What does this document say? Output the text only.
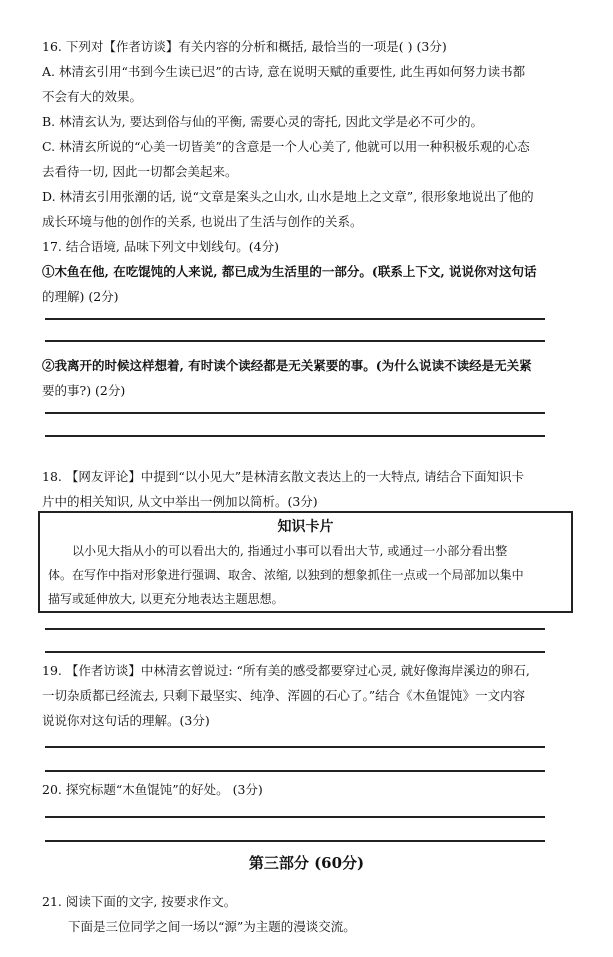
16. 下列对【作者访谈】有关内容的分析和概括, 最恰当的一项是( ) (3分)
A. 林清玄引用“书到今生读已迟”的古诗, 意在说明天赋的重要性, 此生再如何努力读书都
不会有大的效果。
B. 林清玄认为, 要达到俗与仙的平衡, 需要心灵的寄托, 因此文学是必不可少的。
C. 林清玄所说的“心美一切皆美”的含意是一个人心美了, 他就可以用一种积极乐观的心态
去看待一切, 因此一切都会美起来。
D. 林清玄引用张潮的话, 说“文章是案头之山水, 山水是地上之文章”, 很形象地说出了他的
成长环境与他的创作的关系, 也说出了生活与创作的关系。
17. 结合语境, 品味下列文中划线句。(4分)
①木鱼在他, 在吃馄饨的人来说, 都已成为生活里的一部分。(联系上下文, 说说你对这句话
的理解) (2分)
②我离开的时候这样想着, 有时读个读经都是无关紧要的事。(为什么说读不读经是无关紧
要的事?) (2分)
18. 【网友评论】中提到“以小见大”是林清玄散文表达上的一大特点, 请结合下面知识卡
片中的相关知识, 从文中举出一例加以简析。(3分)
知识卡片
以小见大指从小的可以看出大的, 指通过小事可以看出大节, 或通过一小部分看出整
体。在写作中指对形象进行强调、取舍、浓缩, 以独到的想象抓住一点或一个局部加以集中
描写或延伸放大, 以更充分地表达主题思想。
19. 【作者访谈】中林清玄曾说过: “所有美的感受都要穿过心灵, 就好像海岸溪边的卵石,
一切杂质都已经流去, 只剩下最坚实、纯净、浑圆的石心了。”结合《木鱼馄饨》一文内容
说说你对这句话的理解。(3分)
20. 探究标题“木鱼馄饨”的好处。 (3分)
第三部分 (60分)
21. 阅读下面的文字, 按要求作文。
下面是三位同学之间一场以“源”为主题的漫谈交流。
